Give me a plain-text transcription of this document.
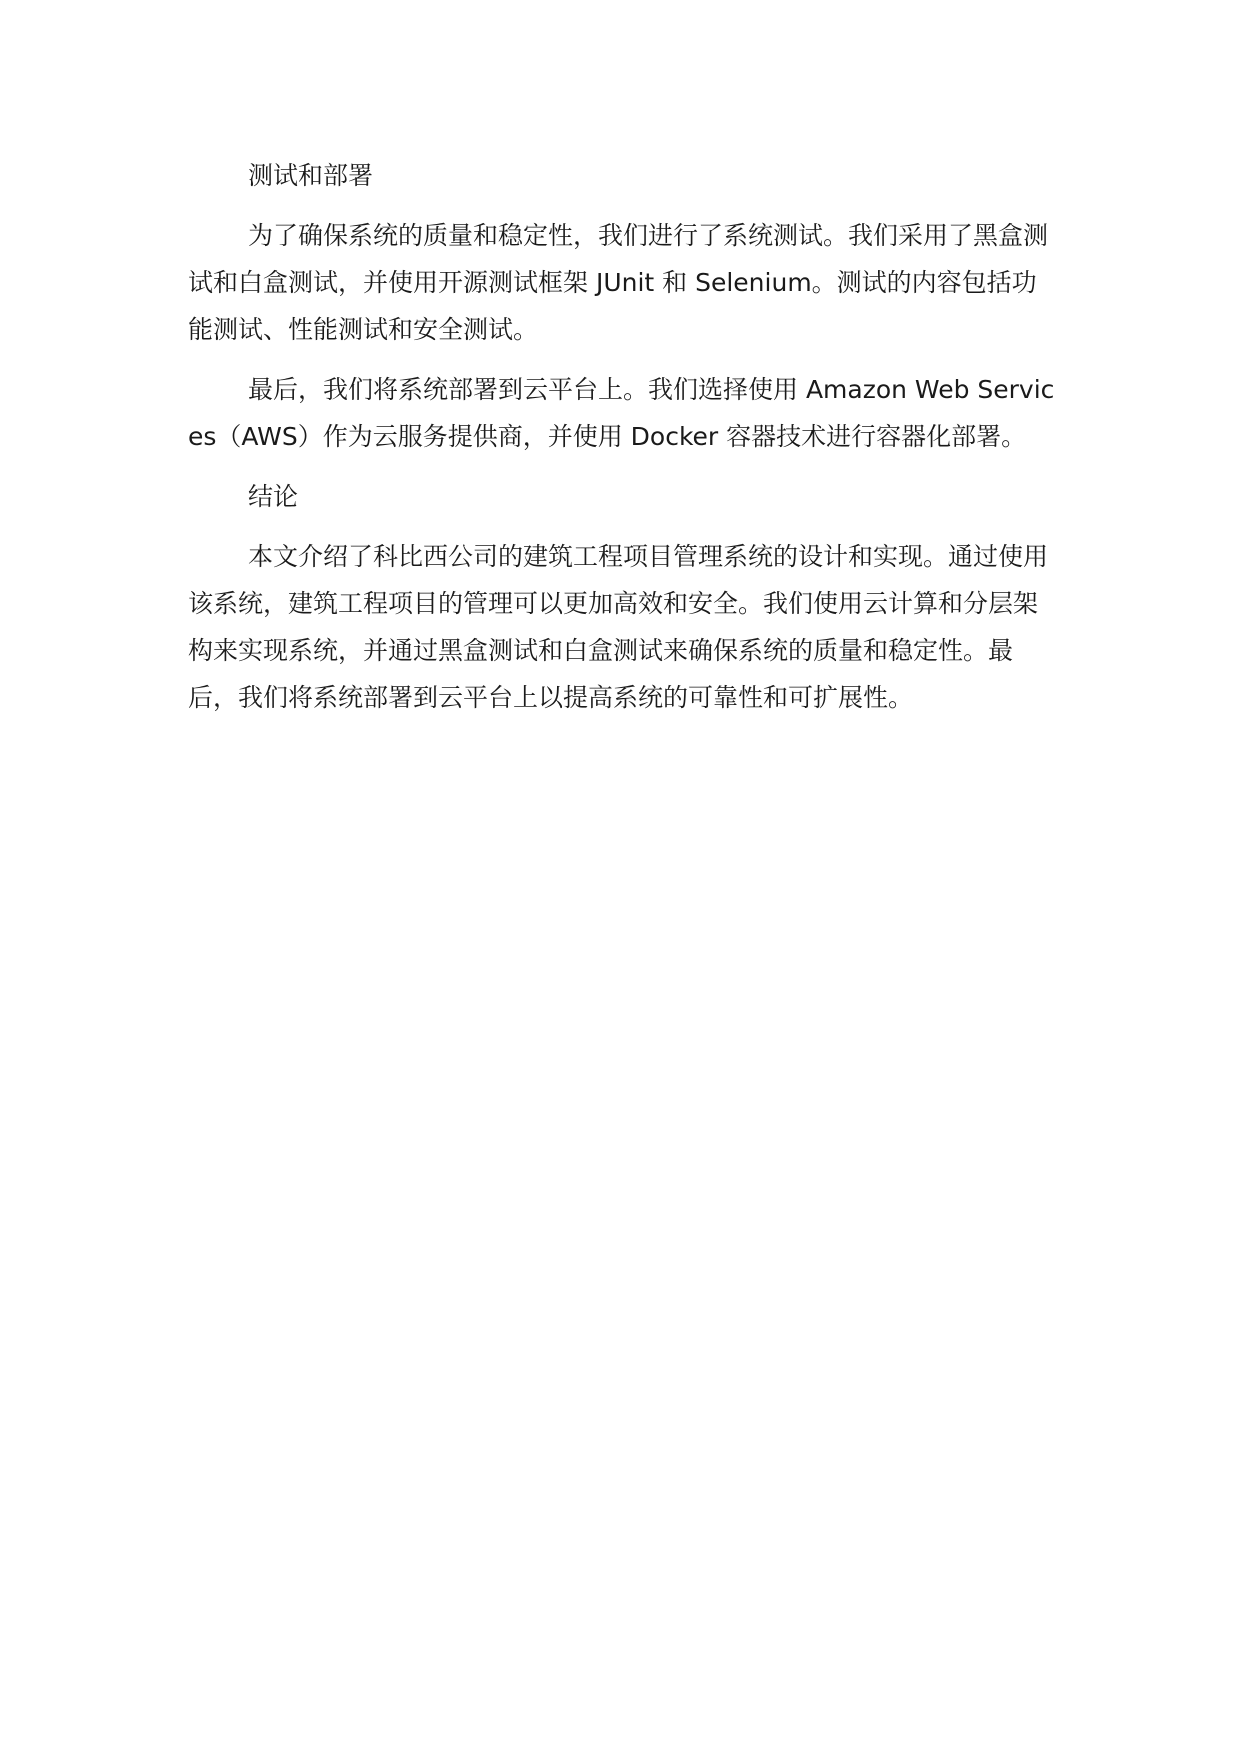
测试和部署

为了确保系统的质量和稳定性，我们进行了系统测试。我们采用了黑盒测试和白盒测试，并使用开源测试框架 JUnit 和 Selenium。测试的内容包括功能测试、性能测试和安全测试。

最后，我们将系统部署到云平台上。我们选择使用 Amazon Web Services（AWS）作为云服务提供商，并使用 Docker 容器技术进行容器化部署。

结论

本文介绍了科比西公司的建筑工程项目管理系统的设计和实现。通过使用该系统，建筑工程项目的管理可以更加高效和安全。我们使用云计算和分层架构来实现系统，并通过黑盒测试和白盒测试来确保系统的质量和稳定性。最后，我们将系统部署到云平台上以提高系统的可靠性和可扩展性。
